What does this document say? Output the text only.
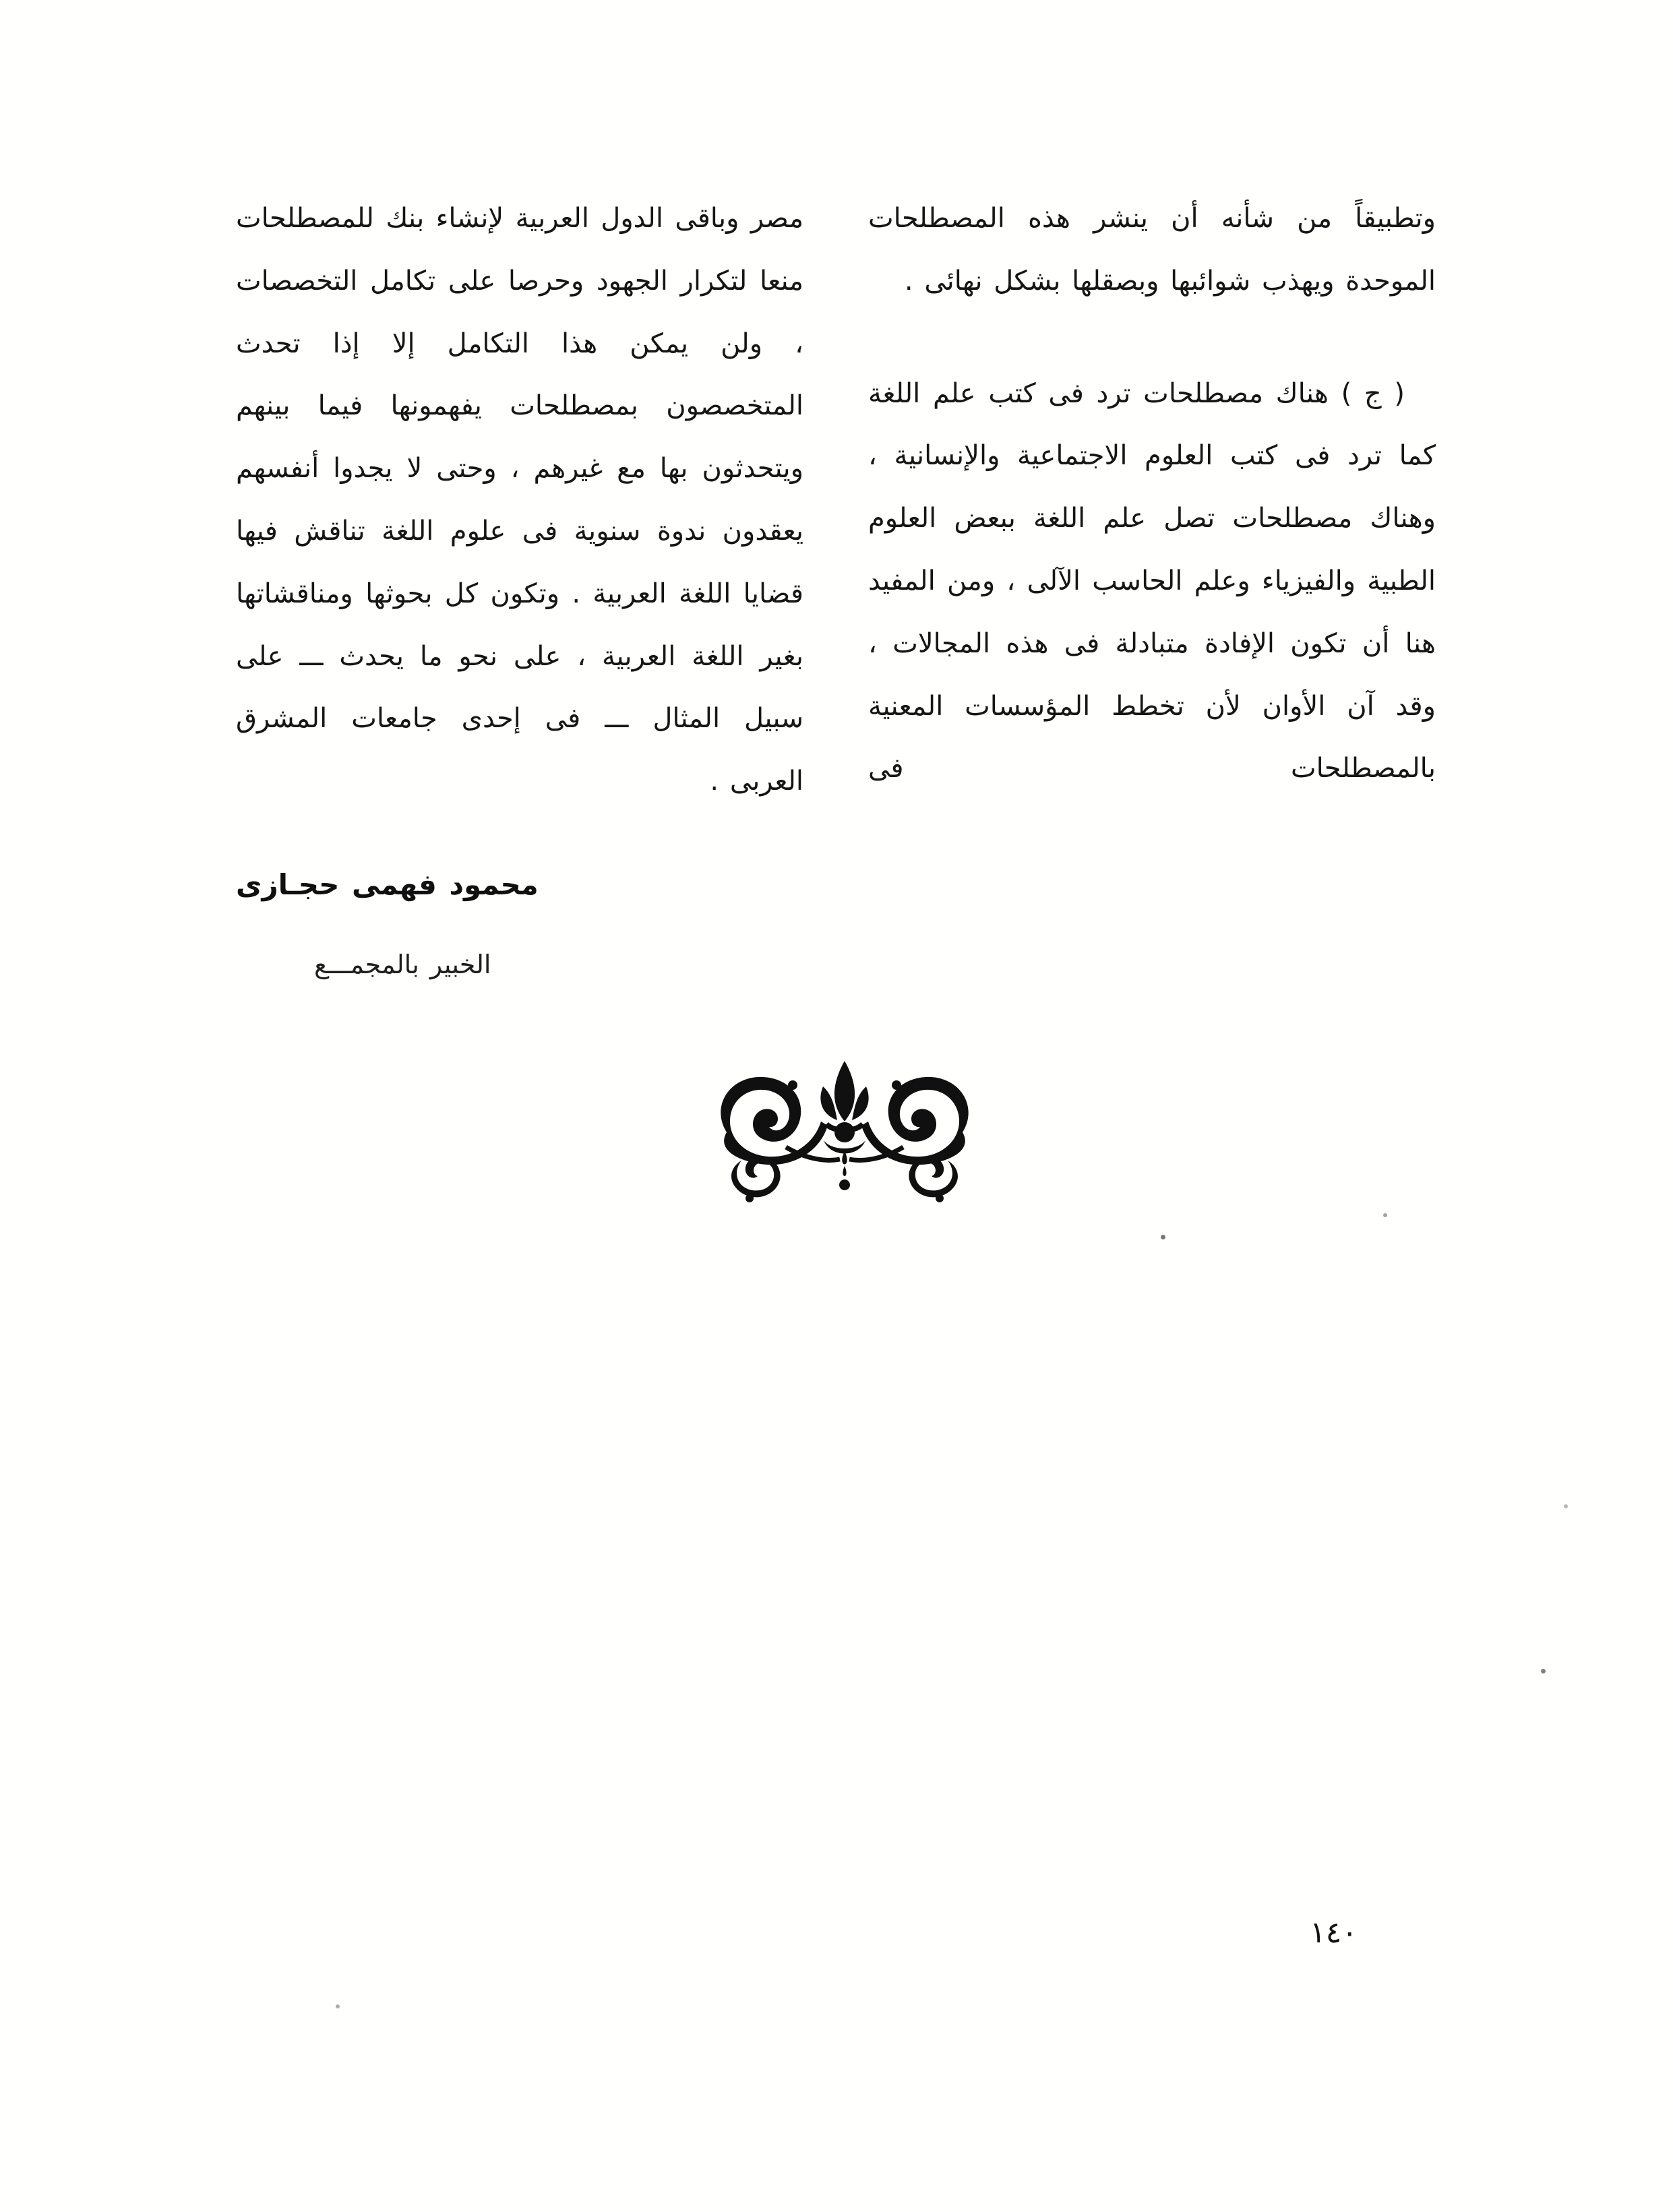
وتطبيقاً من شأنه أن ينشر هذه المصطلحات الموحدة ويهذب شوائبها وبصقلها بشكل نهائى .

( ج ) هناك مصطلحات ترد فى كتب علم اللغة كما ترد فى كتب العلوم الاجتماعية والإنسانية ، وهناك مصطلحات تصل علم اللغة ببعض العلوم الطبية والفيزياء وعلم الحاسب الآلى ، ومن المفيد هنا أن تكون الإفادة متبادلة فى هذه المجالات ، وقد آن الأوان لأن تخطط المؤسسات المعنية بالمصطلحات فى

مصر وباقى الدول العربية لإنشاء بنك للمصطلحات منعا لتكرار الجهود وحرصا على تكامل التخصصات ، ولن يمكن هذا التكامل إلا إذا تحدث المتخصصون بمصطلحات يفهمونها فيما بينهم ويتحدثون بها مع غيرهم ، وحتى لا يجدوا أنفسهم يعقدون ندوة سنوية فى علوم اللغة تناقش فيها قضايا اللغة العربية . وتكون كل بحوثها ومناقشاتها بغير اللغة العربية ، على نحو ما يحدث ـــ على سبيل المثال ـــ فى إحدى جامعات المشرق العربى .

محمود فهمى حجـازى
الخبير بالمجمـــع
١٤٠
